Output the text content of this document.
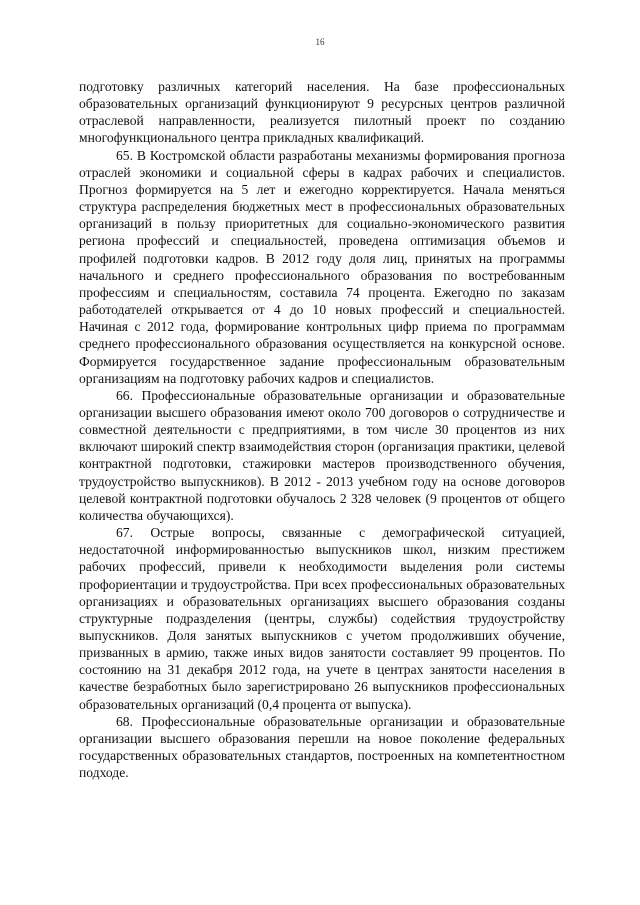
16

подготовку различных категорий населения. На базе профессиональных образовательных организаций функционируют 9 ресурсных центров различной отраслевой направленности, реализуется пилотный проект по созданию многофункционального центра прикладных квалификаций.

65. В Костромской области разработаны механизмы формирования прогноза отраслей экономики и социальной сферы в кадрах рабочих и специалистов. Прогноз формируется на 5 лет и ежегодно корректируется. Начала меняться структура распределения бюджетных мест в профессиональных образовательных организаций в пользу приоритетных для социально-экономического развития региона профессий и специальностей, проведена оптимизация объемов и профилей подготовки кадров. В 2012 году доля лиц, принятых на программы начального и среднего профессионального образования по востребованным профессиям и специальностям, составила 74 процента. Ежегодно по заказам работодателей открывается от 4 до 10 новых профессий и специальностей. Начиная с 2012 года, формирование контрольных цифр приема по программам среднего профессионального образования осуществляется на конкурсной основе. Формируется государственное задание профессиональным образовательным организациям на подготовку рабочих кадров и специалистов.

66. Профессиональные образовательные организации и образовательные организации высшего образования имеют около 700 договоров о сотрудничестве и совместной деятельности с предприятиями, в том числе 30 процентов из них включают широкий спектр взаимодействия сторон (организация практики, целевой контрактной подготовки, стажировки мастеров производственного обучения, трудоустройство выпускников). В 2012 - 2013 учебном году на основе договоров целевой контрактной подготовки обучалось 2 328 человек (9 процентов от общего количества обучающихся).

67. Острые вопросы, связанные с демографической ситуацией, недостаточной информированностью выпускников школ, низким престижем рабочих профессий, привели к необходимости выделения роли системы профориентации и трудоустройства. При всех профессиональных образовательных организациях и образовательных организациях высшего образования созданы структурные подразделения (центры, службы) содействия трудоустройству выпускников. Доля занятых выпускников с учетом продолживших обучение, призванных в армию, также иных видов занятости составляет 99 процентов. По состоянию на 31 декабря 2012 года, на учете в центрах занятости населения в качестве безработных было зарегистрировано 26 выпускников профессиональных образовательных организаций (0,4 процента от выпуска).

68. Профессиональные образовательные организации и образовательные организации высшего образования перешли на новое поколение федеральных государственных образовательных стандартов, построенных на компетентностном подходе.
